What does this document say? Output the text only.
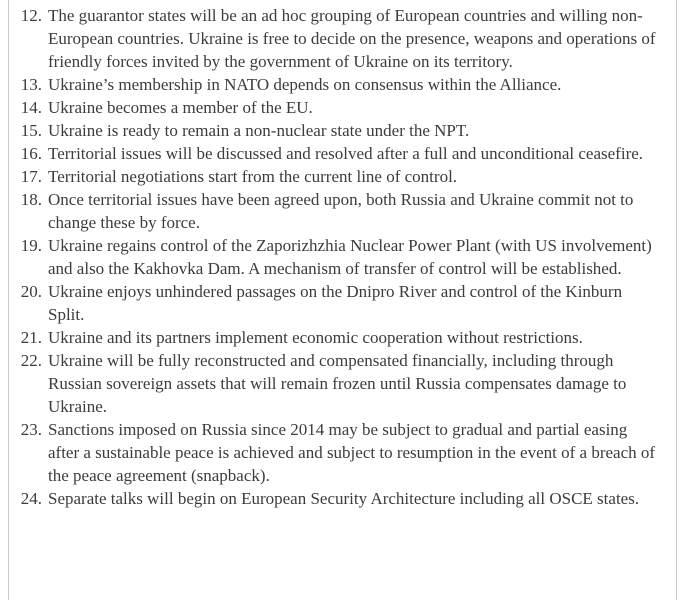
12. The guarantor states will be an ad hoc grouping of European countries and willing non-European countries. Ukraine is free to decide on the presence, weapons and operations of friendly forces invited by the government of Ukraine on its territory.
13. Ukraine’s membership in NATO depends on consensus within the Alliance.
14. Ukraine becomes a member of the EU.
15. Ukraine is ready to remain a non-nuclear state under the NPT.
16. Territorial issues will be discussed and resolved after a full and unconditional ceasefire.
17. Territorial negotiations start from the current line of control.
18. Once territorial issues have been agreed upon, both Russia and Ukraine commit not to change these by force.
19. Ukraine regains control of the Zaporizhzhia Nuclear Power Plant (with US involvement) and also the Kakhovka Dam. A mechanism of transfer of control will be established.
20. Ukraine enjoys unhindered passages on the Dnipro River and control of the Kinburn Split.
21. Ukraine and its partners implement economic cooperation without restrictions.
22. Ukraine will be fully reconstructed and compensated financially, including through Russian sovereign assets that will remain frozen until Russia compensates damage to Ukraine.
23. Sanctions imposed on Russia since 2014 may be subject to gradual and partial easing after a sustainable peace is achieved and subject to resumption in the event of a breach of the peace agreement (snapback).
24. Separate talks will begin on European Security Architecture including all OSCE states.
